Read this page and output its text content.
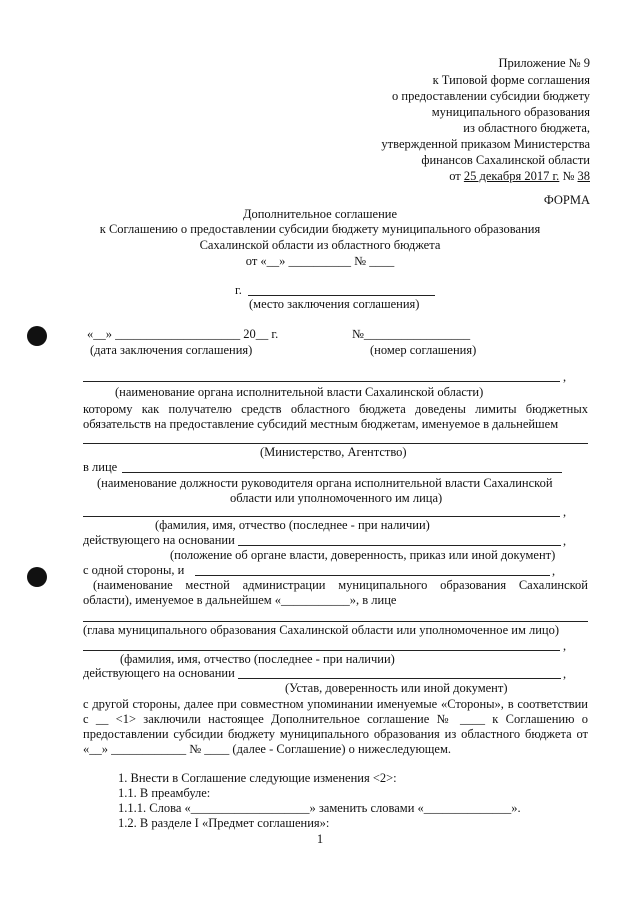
Приложение № 9
к Типовой форме соглашения
о предоставлении субсидии бюджету
муниципального образования
из областного бюджета,
утвержденной приказом Министерства
финансов Сахалинской области
от 25 декабря 2017 г. № 38
ФОРМА
Дополнительное соглашение
к Соглашению о предоставлении субсидии бюджету муниципального образования
Сахалинской области из областного бюджета
от «__» __________ № ____
г.
(место заключения соглашения)
«__» ____________________ 20__ г.	№_________________
(дата заключения соглашения)	(номер соглашения)
,
(наименование органа исполнительной власти Сахалинской области)
которому как получателю средств областного бюджета доведены лимиты бюджетных обязательств на предоставление субсидий местным бюджетам, именуемое в дальнейшем
(Министерство, Агентство)
в лице
(наименование должности руководителя органа исполнительной власти Сахалинской
области или уполномоченного им лица)
,
(фамилия, имя, отчество (последнее - при наличии)
действующего на основании	,
(положение об органе власти, доверенность, приказ или иной документ)
с одной стороны, и	,
(наименование местной администрации муниципального образования Сахалинской области), именуемое в дальнейшем «___________», в лице
(глава муниципального образования Сахалинской области или уполномоченное им лицо)
,
(фамилия, имя, отчество (последнее - при наличии)
действующего на основании	,
(Устав, доверенность или иной документ)
с другой стороны, далее при совместном упоминании именуемые «Стороны», в соответствии с __ <1> заключили настоящее Дополнительное соглашение № ____ к Соглашению о предоставлении субсидии бюджету муниципального образования из областного бюджета от «__» ____________ № ____ (далее - Соглашение) о нижеследующем.
1. Внести в Соглашение следующие изменения <2>:
1.1. В преамбуле:
1.1.1. Слова «___________________» заменить словами «______________».
1.2. В разделе I «Предмет соглашения»:
1
